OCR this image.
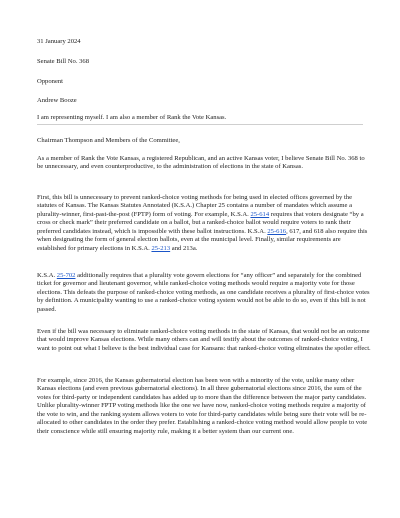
31 January 2024
Senate Bill No. 368
Opponent
Andrew Booze
I am representing myself. I am also a member of Rank the Vote Kansas.
Chairman Thompson and Members of the Committee,

As a member of Rank the Vote Kansas, a registered Republican, and an active Kansas voter, I believe Senate Bill No. 368 to be unnecessary, and even counterproductive, to the administration of elections in the state of Kansas.

First, this bill is unnecessary to prevent ranked-choice voting methods for being used in elected offices governed by the statutes of Kansas. The Kansas Statutes Annotated (K.S.A.) Chapter 25 contains a number of mandates which assume a plurality-winner, first-past-the-post (FPTP) form of voting. For example, K.S.A. 25-614 requires that voters designate “by a cross or check mark” their preferred candidate on a ballot, but a ranked-choice ballot would require voters to rank their preferred candidates instead, which is impossible with these ballot instructions. K.S.A. 25-616, 617, and 618 also require this when designating the form of general election ballots, even at the municipal level. Finally, similar requirements are established for primary elections in K.S.A. 25-213 and 213a.

K.S.A. 25-702 additionally requires that a plurality vote govern elections for “any officer” and separately for the combined ticket for governor and lieutenant governor, while ranked-choice voting methods would require a majority vote for those elections. This defeats the purpose of ranked-choice voting methods, as one candidate receives a plurality of first-choice votes by definition. A municipality wanting to use a ranked-choice voting system would not be able to do so, even if this bill is not passed.

Even if the bill was necessary to eliminate ranked-choice voting methods in the state of Kansas, that would not be an outcome that would improve Kansas elections. While many others can and will testify about the outcomes of ranked-choice voting, I want to point out what I believe is the best individual case for Kansans: that ranked-choice voting eliminates the spoiler effect.

For example, since 2016, the Kansas gubernatorial election has been won with a minority of the vote, unlike many other Kansas elections (and even previous gubernatorial elections). In all three gubernatorial elections since 2016, the sum of the votes for third-party or independent candidates has added up to more than the difference between the major party candidates. Unlike plurality-winner FPTP voting methods like the one we have now, ranked-choice voting methods require a majority of the vote to win, and the ranking system allows voters to vote for third-party candidates while being sure their vote will be re-allocated to other candidates in the order they prefer. Establishing a ranked-choice voting method would allow people to vote their conscience while still ensuring majority rule, making it a better system than our current one.
